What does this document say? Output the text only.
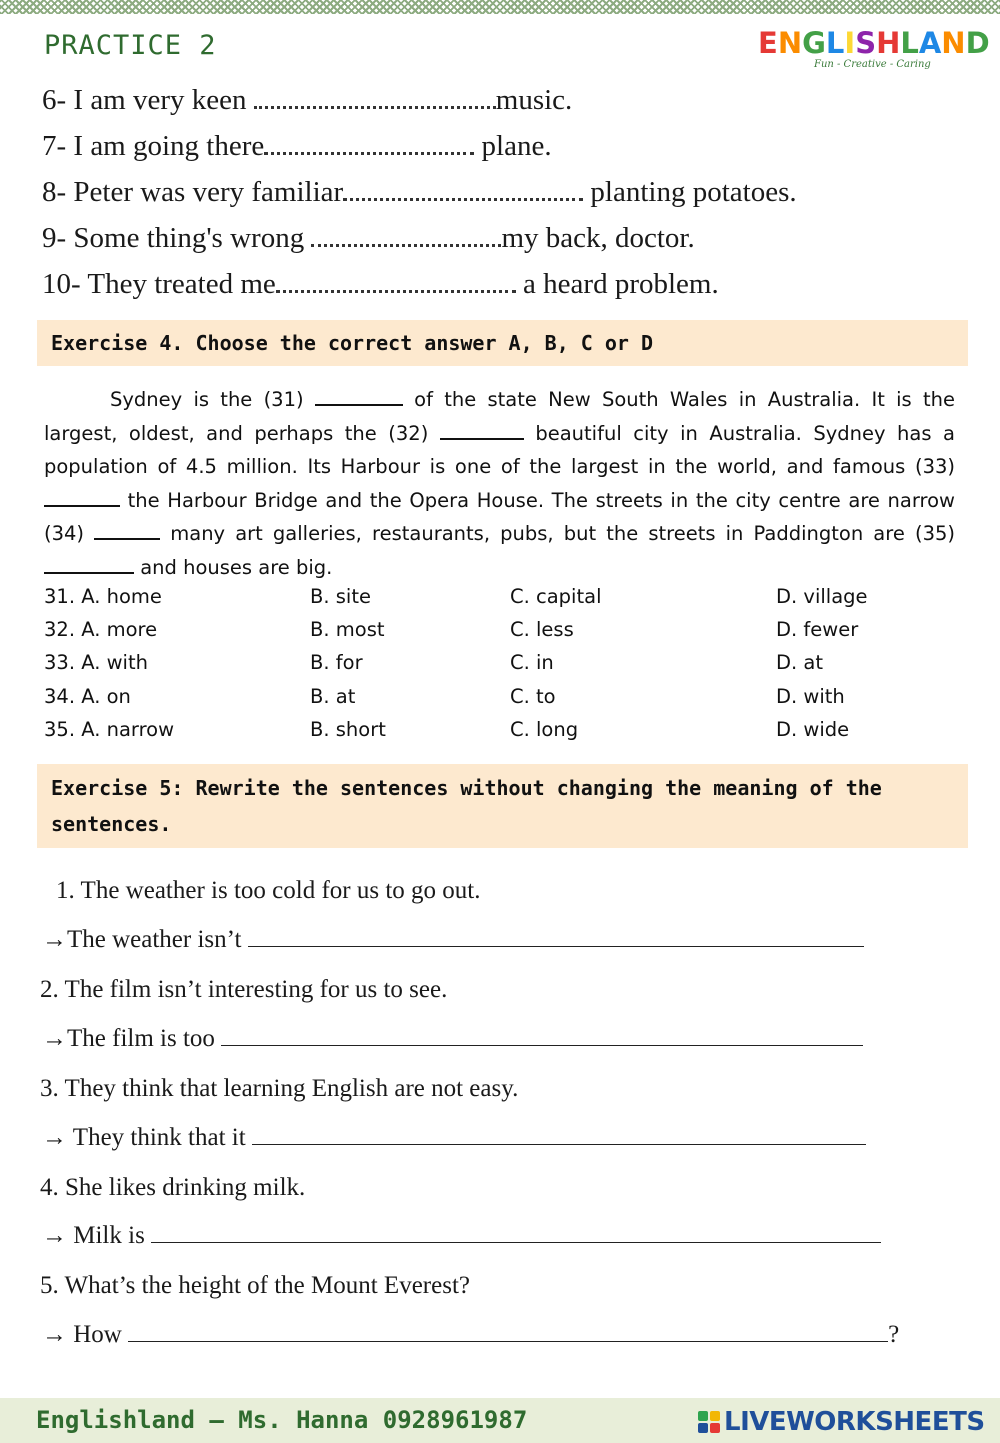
PRACTICE 2	ENGLISHLAND
Fun - Creative - Caring
6- I am very keen	music.
7- I am going there	plane.
8- Peter was very familiar	planting potatoes.
9- Some thing's wrong	my back, doctor.
10- They treated me	a heard problem.
Exercise 4. Choose the correct answer A, B, C or D
Sydney is the (31)	of the state New South Wales in Australia. It is the largest, oldest, and perhaps the (32)	beautiful city in Australia. Sydney has a population of 4.5 million. Its Harbour is one of the largest in the world, and famous (33)  the Harbour Bridge and the Opera House. The streets in the city centre are narrow (34)	many art galleries, restaurants, pubs, but the streets in Paddington are (35)  and houses are big.
31. A. home	B. site	C. capital	D. village
32. A. more	B. most	C. less	D. fewer
33. A. with	B. for	C. in	D. at
34. A. on	B. at	C. to	D. with
35. A. narrow	B. short	C. long	D. wide
Exercise 5: Rewrite the sentences without changing the meaning of the
sentences.
1. The weather is too cold for us to go out.
→The weather isn’t
2. The film isn’t interesting for us to see.
→The film is too
3. They think that learning English are not easy.
→ They think that it
4. She likes drinking milk.
→ Milk is
5. What’s the height of the Mount Everest?
→ How	?
Englishland – Ms. Hanna 0928961987	LIVEWORKSHEETS
